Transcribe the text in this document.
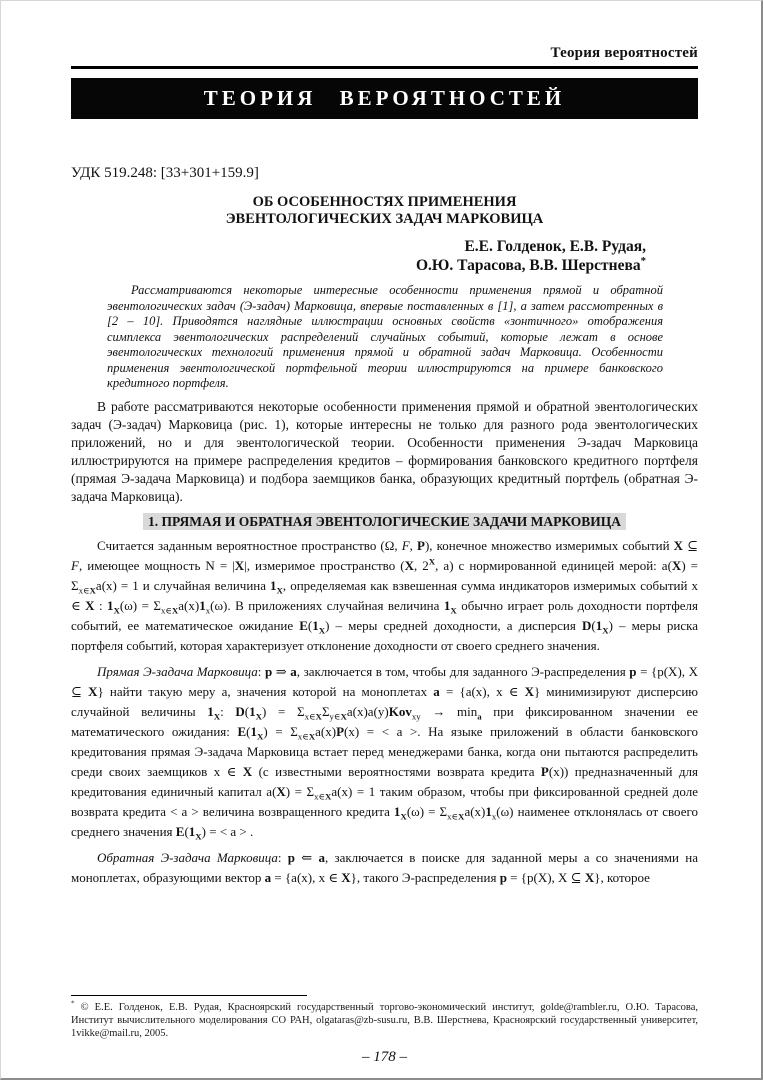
Теория вероятностей
ТЕОРИЯ ВЕРОЯТНОСТЕЙ
УДК 519.248: [33+301+159.9]
ОБ ОСОБЕННОСТЯХ ПРИМЕНЕНИЯ
ЭВЕНТОЛОГИЧЕСКИХ ЗАДАЧ МАРКОВИЦА
Е.Е. Голденок, Е.В. Рудая,
О.Ю. Тарасова, В.В. Шерстнева*

Рассматриваются некоторые интересные особенности применения прямой и обратной эвентологических задач (Э-задач) Марковица, впервые поставленных в [1], а затем рассмотренных в [2 – 10]. Приводятся наглядные иллюстрации основных свойств «зонтичного» отображения симплекса эвентологических распределений случайных событий, которые лежат в основе эвентологических технологий применения прямой и обратной задач Марковица. Особенности применения эвентологической портфельной теории иллюстрируются на примере банковского кредитного портфеля.

В работе рассматриваются некоторые особенности применения прямой и обратной эвентологических задач (Э-задач) Марковица (рис. 1), которые интересны не только для разного рода эвентологических приложений, но и для эвентологической теории. Особенности применения Э-задач Марковица иллюстрируются на примере распределения кредитов – формирования банковского кредитного портфеля (прямая Э-задача Марковица) и подбора заемщиков банка, образующих кредитный портфель (обратная Э-задача Марковица).

1. ПРЯМАЯ И ОБРАТНАЯ ЭВЕНТОЛОГИЧЕСКИЕ ЗАДАЧИ МАРКОВИЦА

Считается заданным вероятностное пространство (Ω, F, P), конечное множество измеримых событий X ⊆ F, имеющее мощность N = |X|, измеримое пространство (X, $2^X$, a) с нормированной единицей мерой: $a(X) = \Sigma_{x\in X}a(x) = 1$ и случайная величина $1_X$, определяемая как взвешенная сумма индикаторов измеримых событий x ∈ X : $1_X(\omega) = \Sigma_{x\in X}a(x)1_x(\omega)$. В приложениях случайная величина $1_X$ обычно играет роль доходности портфеля событий, ее математическое ожидание $E(1_X)$ – меры средней доходности, а дисперсия $D(1_X)$ – меры риска портфеля событий, которая характеризует отклонение доходности от своего среднего значения.

Прямая Э-задача Марковица: p ⇒ a, заключается в том, чтобы для заданного Э-распределения p = {p(X), X ⊆ X} найти такую меру a, значения которой на моноплетах a = {a(x), x ∈ X} минимизируют дисперсию случайной величины $1_X$: $D(1_X) = \Sigma_{x\in X}\Sigma_{y\in X}a(x)a(y)Kov_{xy} \to \min_a$ при фиксированном значении ее математического ожидания: $E(1_X) = \Sigma_{x\in X}a(x)P(x)$ = < a >. На языке приложений в области банковского кредитования прямая Э-задача Марковица встает перед менеджерами банка, когда они пытаются распределить среди своих заемщиков x ∈ X (с известными вероятностями возврата кредита P(x)) предназначенный для кредитования единичный капитал $a(X) = \Sigma_{x\in X}a(x) = 1$ таким образом, чтобы при фиксированной средней доле возврата кредита < a > величина возвращенного кредита $1_X(\omega) = \Sigma_{x\in X}a(x)1_x(\omega)$ наименее отклонялась от своего среднего значения $E(1_X)$ = < a > .

Обратная Э-задача Марковица: p ⇐ a, заключается в поиске для заданной меры a со значениями на моноплетах, образующими вектор a = {a(x), x ∈ X}, такого Э-распределения p = {p(X), X ⊆ X}, которое

* © Е.Е. Голденок, Е.В. Рудая, Красноярский государственный торгово-экономический институт, golde@rambler.ru, О.Ю. Тарасова, Институт вычислительного моделирования СО РАН, olgataras@zb-susu.ru, В.В. Шерстнева, Красноярский государственный университет, 1vikke@mail.ru, 2005.
– 178 –
